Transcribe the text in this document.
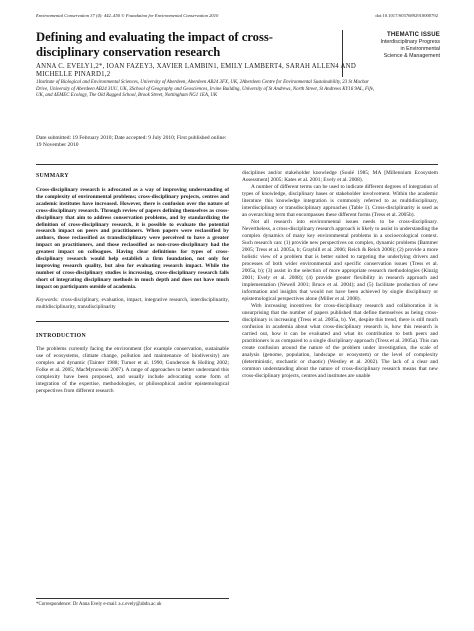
Environmental Conservation 37 (4): 442–450 © Foundation for Environmental Conservation 2010	doi:10.1017/S0376892910000792
Defining and evaluating the impact of cross-disciplinary conservation research
THEMATIC ISSUE
Interdisciplinary Progress
in Environmental
Science & Management
ANNA C. EVELY1,2*, IOAN FAZEY3, XAVIER LAMBIN1, EMILY LAMBERT4, SARAH ALLEN4 AND MICHELLE PINARD1,2
1Institute of Biological and Environmental Sciences, University of Aberdeen, Aberdeen AB24 3FX, UK, 2Aberdeen Centre for Environmental Sustainability, 23 St Machar Drive, University of Aberdeen AB24 3UU, UK, 3School of Geography and Geosciences, Irvine Building, University of St Andrews, North Street, St Andrews KY16 9AL, Fife, UK, and 4EMEC Ecology, The Old Ragged School, Brook Street, Nottingham NG1 1EA, UK
Date submitted: 19 February 2010; Date accepted: 9 July 2010; First published online:
19 November 2010
SUMMARY
Cross-disciplinary research is advocated as a way of improving understanding of the complexity of environmental problems; cross-disciplinary projects, centres and academic institutes have increased. However, there is confusion over the nature of cross-disciplinary research. Through review of papers defining themselves as cross-disciplinary that aim to address conservation problems, and by standardizing the definition of cross-disciplinary research, it is possible to evaluate the potential research impact on peers and practitioners. When papers were reclassified by authors, those reclassified as transdisciplinary were perceived to have a greater impact on practitioners, and those reclassified as non-cross-disciplinary had the greatest impact on colleagues. Having clear definitions for types of cross-disciplinary research would help establish a firm foundation, not only for improving research quality, but also for evaluating research impact. While the number of cross-disciplinary studies is increasing, cross-disciplinary research falls short of integrating disciplinary methods in much depth and does not have much impact on participants outside of academia.
Keywords: cross-disciplinary, evaluation, impact, integrative research, interdisciplinarity, multidisciplinarity, transdisciplinarity
INTRODUCTION
The problems currently facing the environment (for example conservation, sustainable use of ecosystems, climate change, pollution and maintenance of biodiversity) are complex and dynamic (Tainter 1988; Turner et al. 1990; Gunderson & Holling 2002; Folke et al. 2005; MacMynowski 2007). A range of approaches to better understand this complexity have been proposed, and usually include advocating some form of integration of the expertise, methodologies, or philosophical and/or epistemological perspectives from different research

disciplines and/or stakeholder knowledge (Soulé 1985; MA [Millennium Ecosystem Assessment] 2005; Kates et al. 2001; Evely et al. 2008).

A number of different terms can be used to indicate different degrees of integration of types of knowledge, disciplinary bases or stakeholder involvement. Within the academic literature this knowledge integration is commonly referred to as multidisciplinary, interdisciplinary or transdisciplinary approaches (Table 1). Cross-disciplinarity is used as an overarching term that encompasses these different forms (Tress et al. 2005b).

Not all research into environmental issues needs to be cross-disciplinary. Nevertheless, a cross-disciplinary research approach is likely to assist in understanding the complex dynamics of many key environmental problems in a socioecological context. Such research can: (1) provide new perspectives on complex, dynamic problems (Bammer 2005; Tress et al. 2005a, b; Graybill et al. 2006; Reich & Reich 2006); (2) provide a more holistic view of a problem that is better suited to targeting the underlying drivers and processes of both wider environmental and specific conservation issues (Tress et al. 2005a, b); (3) assist in the selection of more appropriate research methodologies (Kinzig 2001; Evely et al. 2008); (4) provide greater flexibility in research approach and implementation (Newell 2001; Bruce et al. 2004); and (5) facilitate production of new information and insights that would not have been achieved by single disciplinary or epistemological perspectives alone (Miller et al. 2008).

With increasing incentives for cross-disciplinary research and collaboration it is unsurprising that the number of papers published that define themselves as being cross-disciplinary is increasing (Tress et al. 2005a, b). Yet, despite this trend, there is still much confusion in academia about what cross-disciplinary research is, how this research is carried out, how it can be evaluated and what its contribution to both peers and practitioners is as compared to a single disciplinary approach (Tress et al. 2005a). This can create confusion around the nature of the problem under investigation, the scale of analysis (genome, population, landscape or ecosystem) or the level of complexity (deterministic, stochastic or chaotic) (Westley et al. 2002). The lack of a clear and common understanding about the nature of cross-disciplinary research means that new cross-disciplinary projects, centres and institutes are unable

*Correspondence: Dr Anna Evely e-mail: a.c.evely@abdn.ac.uk
